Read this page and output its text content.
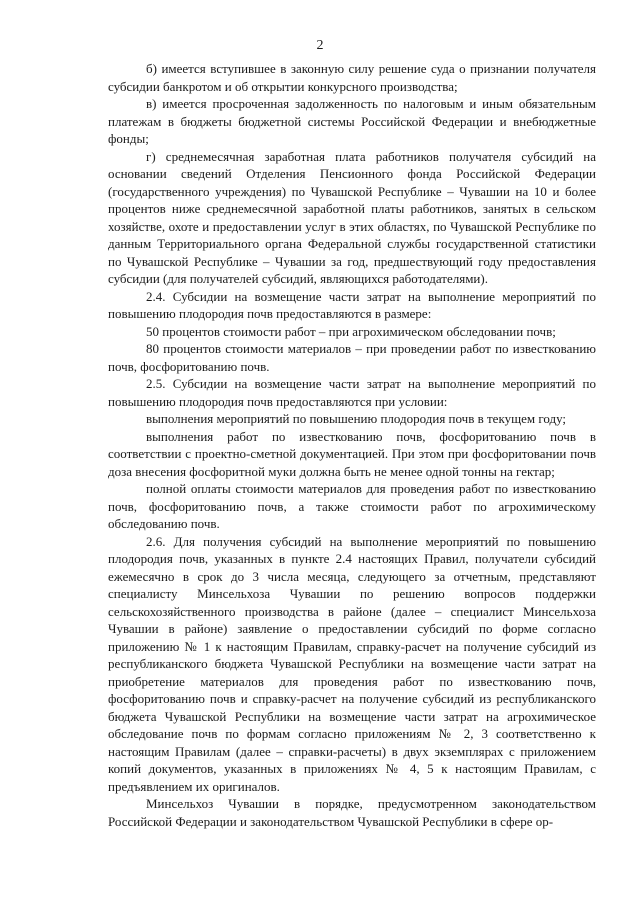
2

б) имеется вступившее в законную силу решение суда о признании получателя субсидии банкротом и об открытии конкурсного производства;

в) имеется просроченная задолженность по налоговым и иным обязательным платежам в бюджеты бюджетной системы Российской Федерации и внебюджетные фонды;

г) среднемесячная заработная плата работников получателя субсидий на основании сведений Отделения Пенсионного фонда Российской Федерации (государственного учреждения) по Чувашской Республике – Чувашии на 10 и более процентов ниже среднемесячной заработной платы работников, занятых в сельском хозяйстве, охоте и предоставлении услуг в этих областях, по Чувашской Республике по данным Территориального органа Федеральной службы государственной статистики по Чувашской Республике – Чувашии за год, предшествующий году предоставления субсидии (для получателей субсидий, являющихся работодателями).

2.4. Субсидии на возмещение части затрат на выполнение мероприятий по повышению плодородия почв предоставляются в размере:

50 процентов стоимости работ – при агрохимическом обследовании почв;

80 процентов стоимости материалов – при проведении работ по известкованию почв, фосфоритованию почв.

2.5. Субсидии на возмещение части затрат на выполнение мероприятий по повышению плодородия почв предоставляются при условии:

выполнения мероприятий по повышению плодородия почв в текущем году;

выполнения работ по известкованию почв, фосфоритованию почв в соответствии с проектно-сметной документацией. При этом при фосфоритовании почв доза внесения фосфоритной муки должна быть не менее одной тонны на гектар;

полной оплаты стоимости материалов для проведения работ по известкованию почв, фосфоритованию почв, а также стоимости работ по агрохимическому обследованию почв.

2.6. Для получения субсидий на выполнение мероприятий по повышению плодородия почв, указанных в пункте 2.4 настоящих Правил, получатели субсидий ежемесячно в срок до 3 числа месяца, следующего за отчетным, представляют специалисту Минсельхоза Чувашии по решению вопросов поддержки сельскохозяйственного производства в районе (далее – специалист Минсельхоза Чувашии в районе) заявление о предоставлении субсидий по форме согласно приложению № 1 к настоящим Правилам, справку-расчет на получение субсидий из республиканского бюджета Чувашской Республики на возмещение части затрат на приобретение материалов для проведения работ по известкованию почв, фосфоритованию почв и справку-расчет на получение субсидий из республиканского бюджета Чувашской Республики на возмещение части затрат на агрохимическое обследование почв по формам согласно приложениям № 2, 3 соответственно к настоящим Правилам (далее – справки-расчеты) в двух экземплярах с приложением копий документов, указанных в приложениях № 4, 5 к настоящим Правилам, с предъявлением их оригиналов.

Минсельхоз Чувашии в порядке, предусмотренном законодательством Российской Федерации и законодательством Чувашской Республики в сфере ор-
